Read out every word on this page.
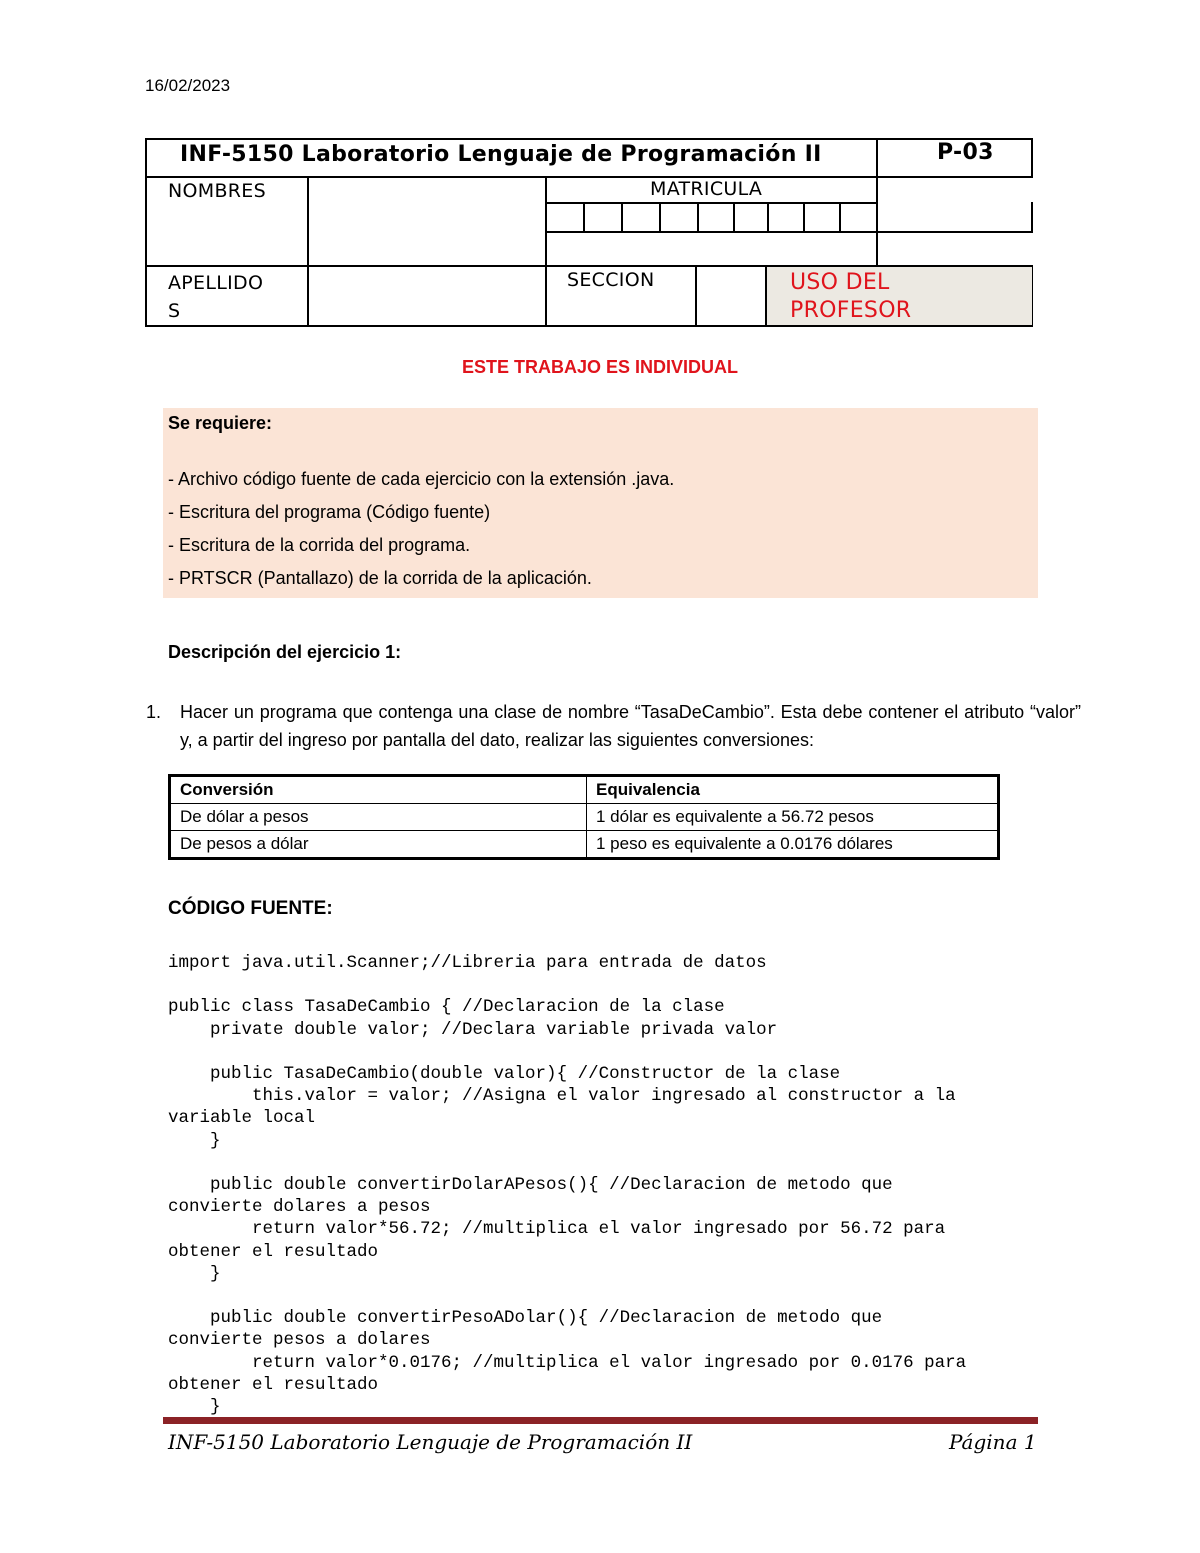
16/02/2023
INF-5150 Laboratorio Lenguaje de Programación II	P-03
NOMBRES	MATRICULA
APELLIDO
S
SECCION	USO DEL
PROFESOR
ESTE TRABAJO ES INDIVIDUAL
Se requiere:
- Archivo código fuente de cada ejercicio con la extensión .java.
- Escritura del programa (Código fuente)
- Escritura de la corrida del programa.
- PRTSCR (Pantallazo) de la corrida de la aplicación.
Descripción del ejercicio 1:
1. Hacer un programa que contenga una clase de nombre “TasaDeCambio”. Esta debe contener el atributo “valor” y, a partir del ingreso por pantalla del dato, realizar las siguientes conversiones:
Conversión	Equivalencia
De dólar a pesos	1 dólar es equivalente a 56.72 pesos
De pesos a dólar	1 peso es equivalente a 0.0176 dólares
CÓDIGO FUENTE:
import java.util.Scanner;//Libreria para entrada de datos

public class TasaDeCambio { //Declaracion de la clase
private double valor; //Declara variable privada valor

public TasaDeCambio(double valor){ //Constructor de la clase
this.valor = valor; //Asigna el valor ingresado al constructor a la
variable local
}

public double convertirDolarAPesos(){ //Declaracion de metodo que
convierte dolares a pesos
return valor*56.72; //multiplica el valor ingresado por 56.72 para
obtener el resultado
}

public double convertirPesoADolar(){ //Declaracion de metodo que
convierte pesos a dolares
return valor*0.0176; //multiplica el valor ingresado por 0.0176 para
obtener el resultado
}
INF-5150 Laboratorio Lenguaje de Programación II	Página 1
